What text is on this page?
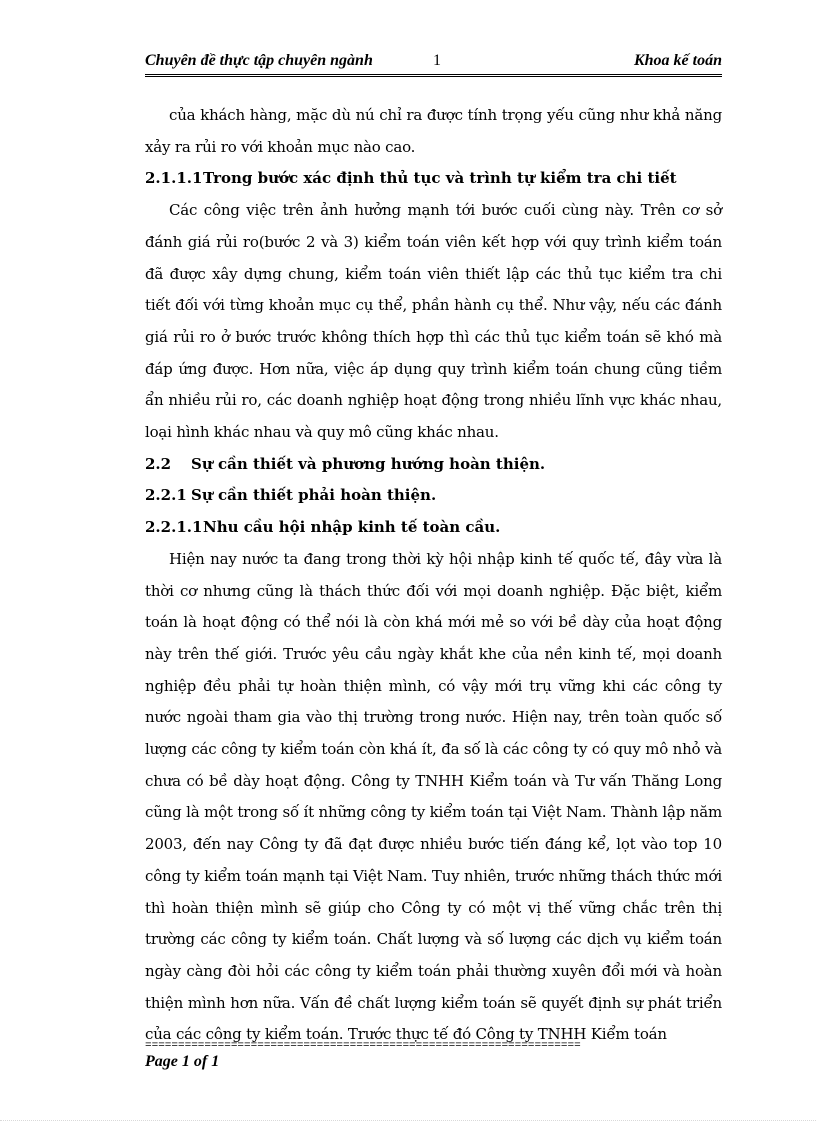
Chuyên đề thực tập chuyên ngành	1	Khoa kế toán

của khách hàng, mặc dù nú chỉ ra được tính trọng yếu cũng như khả năng xảy ra rủi ro với khoản mục nào cao.

2.1.1.1Trong bước xác định thủ tục và trình tự kiểm tra chi tiết

Các công việc trên ảnh hưởng mạnh tới bước cuối cùng này. Trên cơ sở đánh giá rủi ro(bước 2 và 3) kiểm toán viên kết hợp với quy trình kiểm toán đã được xây dựng chung, kiểm toán viên thiết lập các thủ tục kiểm tra chi tiết đối với từng khoản mục cụ thể, phần hành cụ thể. Như vậy, nếu các đánh giá rủi ro ở bước trước không thích hợp thì các thủ tục kiểm toán sẽ khó mà đáp ứng được. Hơn nữa, việc áp dụng quy trình kiểm toán chung cũng tiềm ẩn nhiều rủi ro, các doanh nghiệp hoạt động trong nhiều lĩnh vực khác nhau, loại hình khác nhau và quy mô cũng khác nhau.

2.2 Sự cần thiết và phương hướng hoàn thiện.

2.2.1 Sự cần thiết phải hoàn thiện.

2.2.1.1Nhu cầu hội nhập kinh tế toàn cầu.

Hiện nay nước ta đang trong thời kỳ hội nhập kinh tế quốc tế, đây vừa là thời cơ nhưng cũng là thách thức đối với mọi doanh nghiệp. Đặc biệt, kiểm toán là hoạt động có thể nói là còn khá mới mẻ so với bề dày của hoạt động này trên thế giới. Trước yêu cầu ngày khắt khe của nền kinh tế, mọi doanh nghiệp đều phải tự hoàn thiện mình, có vậy mới trụ vững khi các công ty nước ngoài tham gia vào thị trường trong nước. Hiện nay, trên toàn quốc số lượng các công ty kiểm toán còn khá ít, đa số là các công ty có quy mô nhỏ và chưa có bề dày hoạt động. Công ty TNHH Kiểm toán và Tư vấn Thăng Long cũng là một trong số ít những công ty kiểm toán tại Việt Nam. Thành lập năm 2003, đến nay Công ty đã đạt được nhiều bước tiến đáng kể, lọt vào top 10 công ty kiểm toán mạnh tại Việt Nam. Tuy nhiên, trước những thách thức mới thì hoàn thiện mình sẽ giúp cho Công ty có một vị thế vững chắc trên thị trường các công ty kiểm toán. Chất lượng và số lượng các dịch vụ kiểm toán ngày càng đòi hỏi các công ty kiểm toán phải thường xuyên đổi mới và hoàn thiện mình hơn nữa. Vấn đề chất lượng kiểm toán sẽ quyết định sự phát triển của các công ty kiểm toán. Trước thực tế đó Công ty TNHH Kiểm toán

==================================================================
Page 1 of 1
